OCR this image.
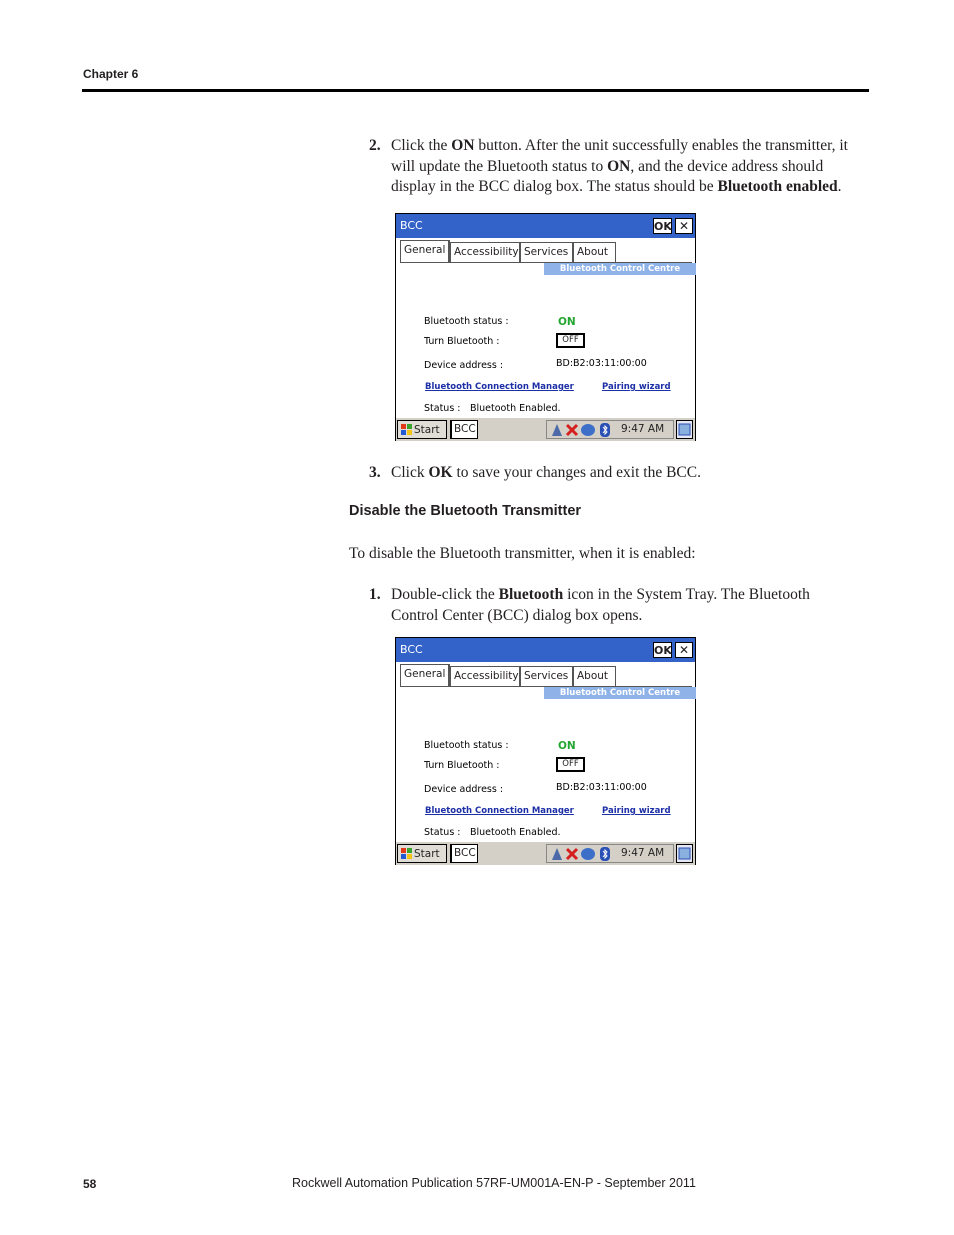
Chapter 6
2. Click the ON button. After the unit successfully enables the transmitter, it will update the Bluetooth status to ON, and the device address should display in the BCC dialog box. The status should be Bluetooth enabled.
BCC	OK ✕
General Accessibility Services About
Bluetooth Control Centre
Bluetooth status :	ON
Turn Bluetooth :	OFF
Device address :	BD:B2:03:11:00:00
Bluetooth Connection Manager	Pairing wizard
Status : Bluetooth Enabled.
Start	BCC	9:47 AM
3. Click OK to save your changes and exit the BCC.
Disable the Bluetooth Transmitter
To disable the Bluetooth transmitter, when it is enabled:
1. Double-click the Bluetooth icon in the System Tray. The Bluetooth Control Center (BCC) dialog box opens.
BCC	OK ✕
General Accessibility Services About
Bluetooth Control Centre
Bluetooth status :	ON
Turn Bluetooth :	OFF
Device address :	BD:B2:03:11:00:00
Bluetooth Connection Manager	Pairing wizard
Status : Bluetooth Enabled.
Start	BCC	9:47 AM
58	Rockwell Automation Publication 57RF-UM001A-EN-P - September 2011
